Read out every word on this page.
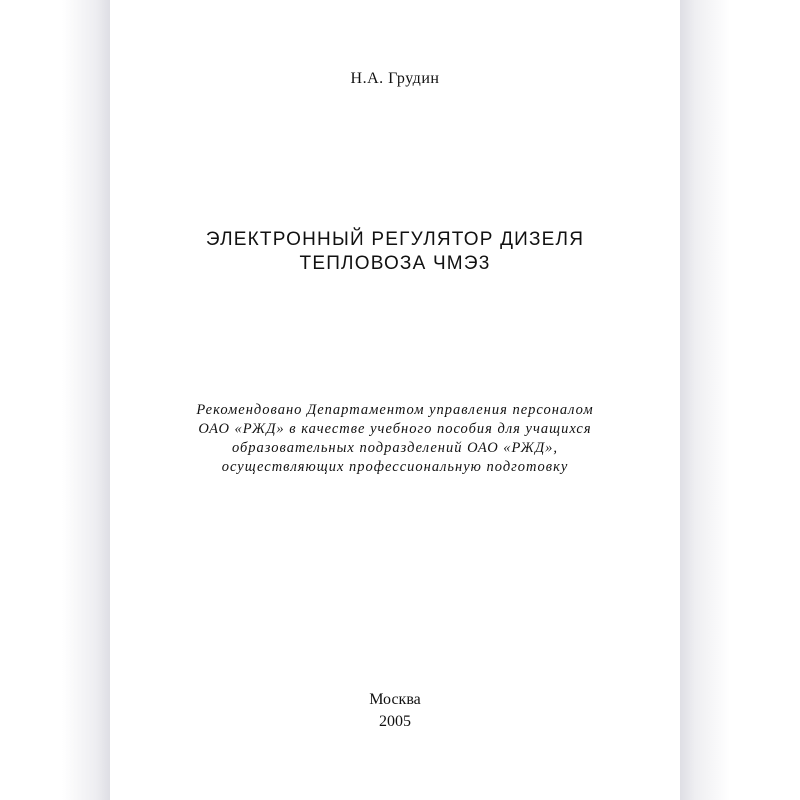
Н.А. Грудин
ЭЛЕКТРОННЫЙ РЕГУЛЯТОР ДИЗЕЛЯ
ТЕПЛОВОЗА ЧМЭ3
Рекомендовано Департаментом управления персоналом
ОАО «РЖД» в качестве учебного пособия для учащихся
образовательных подразделений ОАО «РЖД»,
осуществляющих профессиональную подготовку
Москва
2005
